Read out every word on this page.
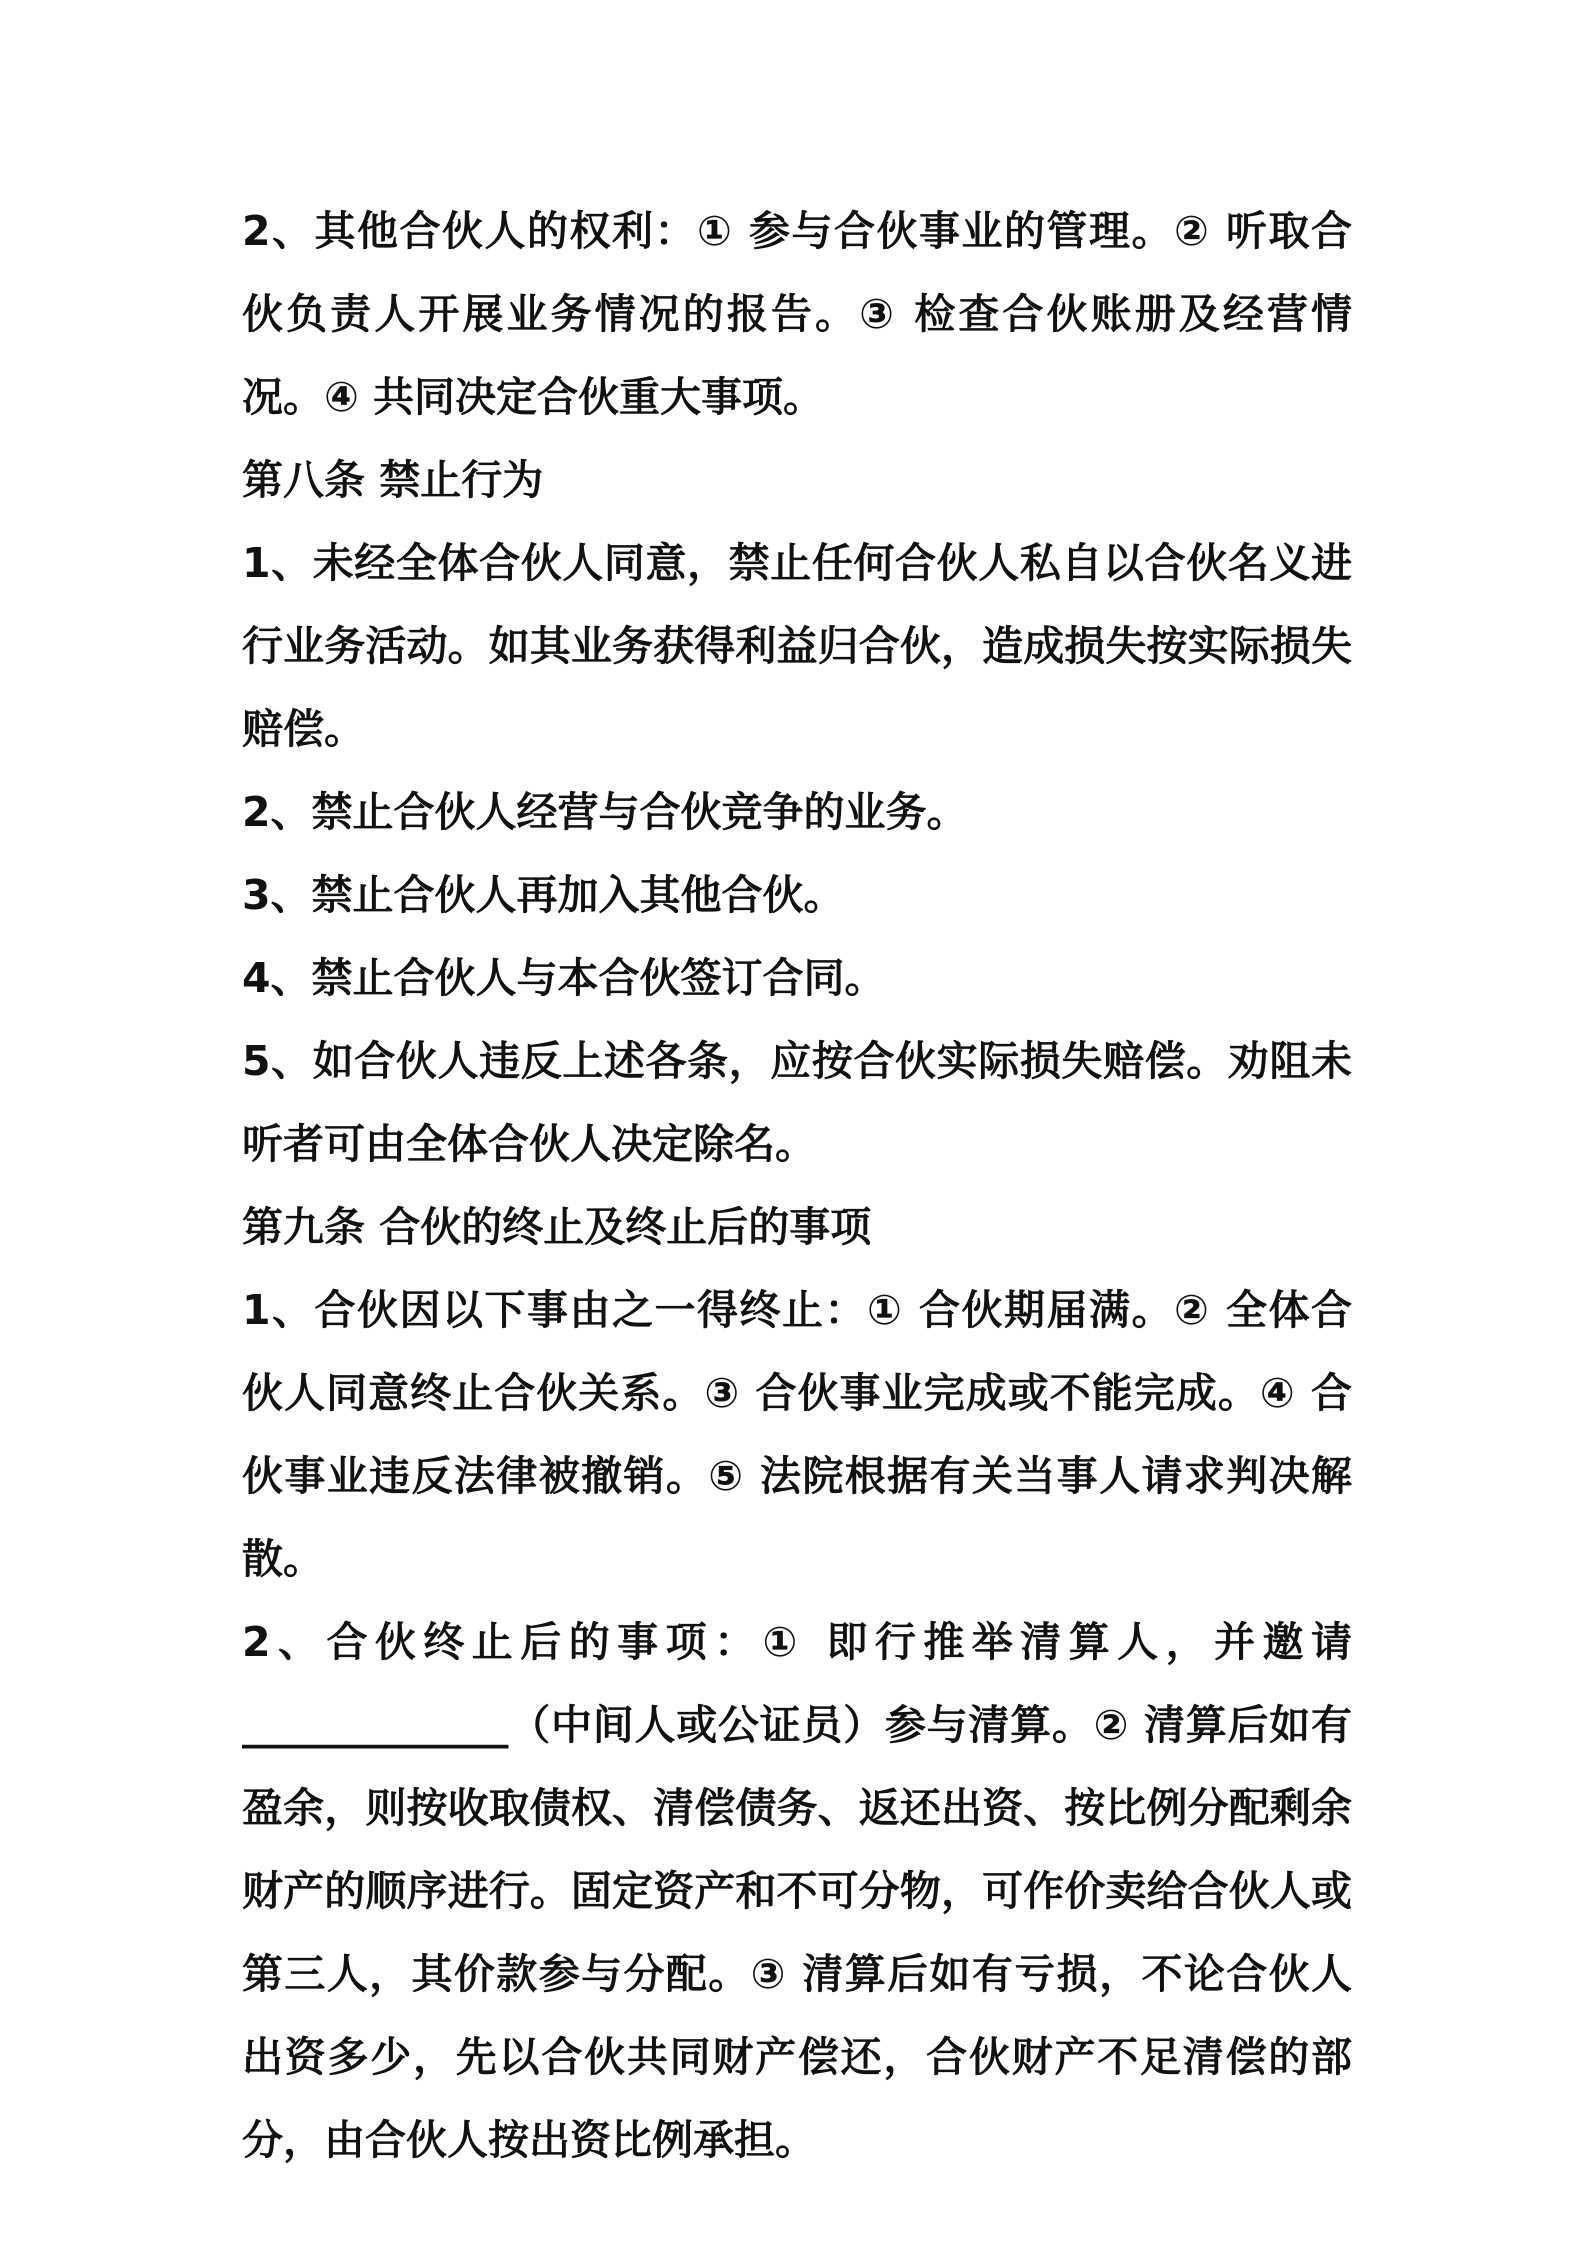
2、其他合伙人的权利：① 参与合伙事业的管理。② 听取合伙负责人开展业务情况的报告。③ 检查合伙账册及经营情况。④ 共同决定合伙重大事项。

第八条 禁止行为

1、未经全体合伙人同意，禁止任何合伙人私自以合伙名义进行业务活动。如其业务获得利益归合伙，造成损失按实际损失赔偿。

2、禁止合伙人经营与合伙竞争的业务。

3、禁止合伙人再加入其他合伙。

4、禁止合伙人与本合伙签订合同。

5、如合伙人违反上述各条，应按合伙实际损失赔偿。劝阻未听者可由全体合伙人决定除名。

第九条 合伙的终止及终止后的事项

1、合伙因以下事由之一得终止：① 合伙期届满。② 全体合伙人同意终止合伙关系。③ 合伙事业完成或不能完成。④ 合伙事业违反法律被撤销。⑤ 法院根据有关当事人请求判决解散。

2、合伙终止后的事项：① 即行推举清算人，并邀请_____________（中间人或公证员）参与清算。② 清算后如有盈余，则按收取债权、清偿债务、返还出资、按比例分配剩余财产的顺序进行。固定资产和不可分物，可作价卖给合伙人或第三人，其价款参与分配。③ 清算后如有亏损，不论合伙人出资多少，先以合伙共同财产偿还，合伙财产不足清偿的部分，由合伙人按出资比例承担。
